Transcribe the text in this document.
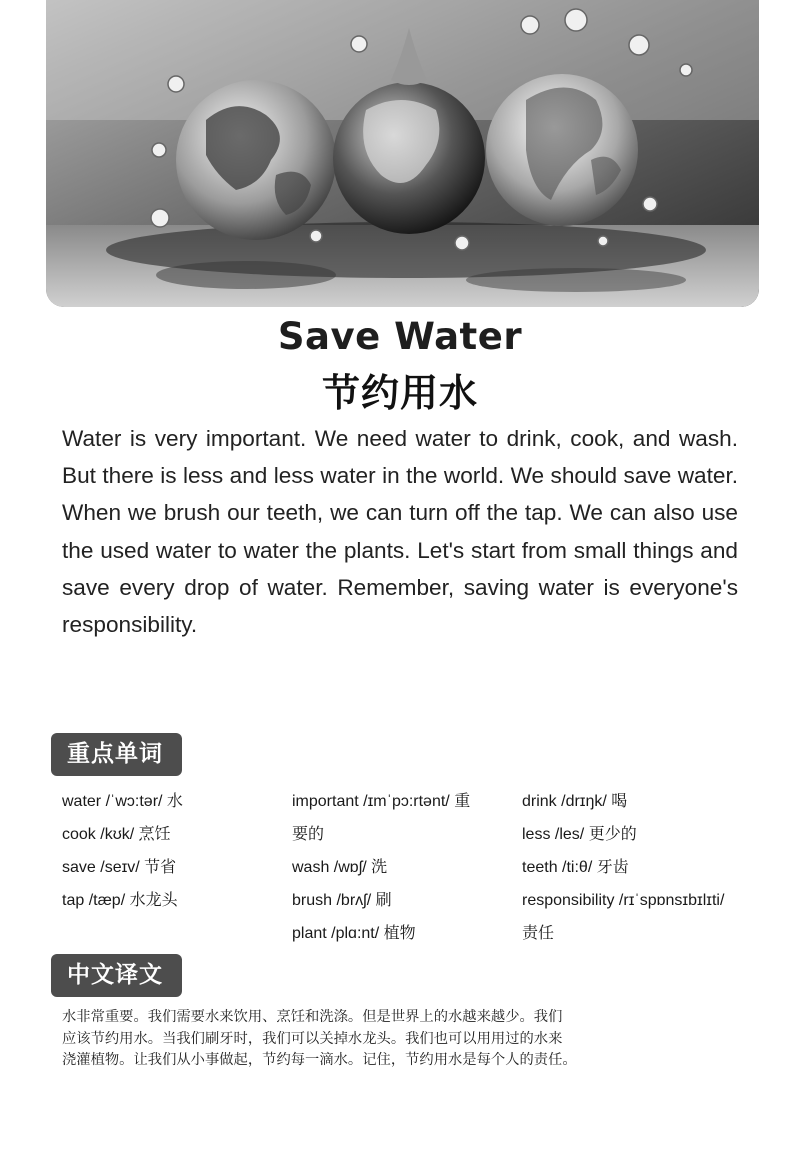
Save Water
节约用水
Water is very important. We need water to drink, cook, and wash. But there is less and less water in the world. We should save water. When we brush our teeth, we can turn off the tap. We can also use the used water to water the plants. Let's start from small things and save every drop of water. Remember, saving water is everyone's responsibility.
重点单词
water /ˈwɔ:tər/ 水
cook /kʊk/ 烹饪
save /seɪv/ 节省
tap /tæp/ 水龙头
important /ɪmˈpɔ:rtənt/ 重
要的
wash /wɒʃ/ 洗
brush /brʌʃ/ 刷
plant /plɑ:nt/ 植物
drink /drɪŋk/ 喝
less /les/ 更少的
teeth /ti:θ/ 牙齿
responsibility /rɪˈspɒnsɪbɪlɪti/
责任
中文译文
水非常重要。我们需要水来饮用、烹饪和洗涤。但是世界上的水越来越少。我们
应该节约用水。当我们刷牙时，我们可以关掉水龙头。我们也可以用用过的水来
浇灌植物。让我们从小事做起，节约每一滴水。记住，节约用水是每个人的责任。
